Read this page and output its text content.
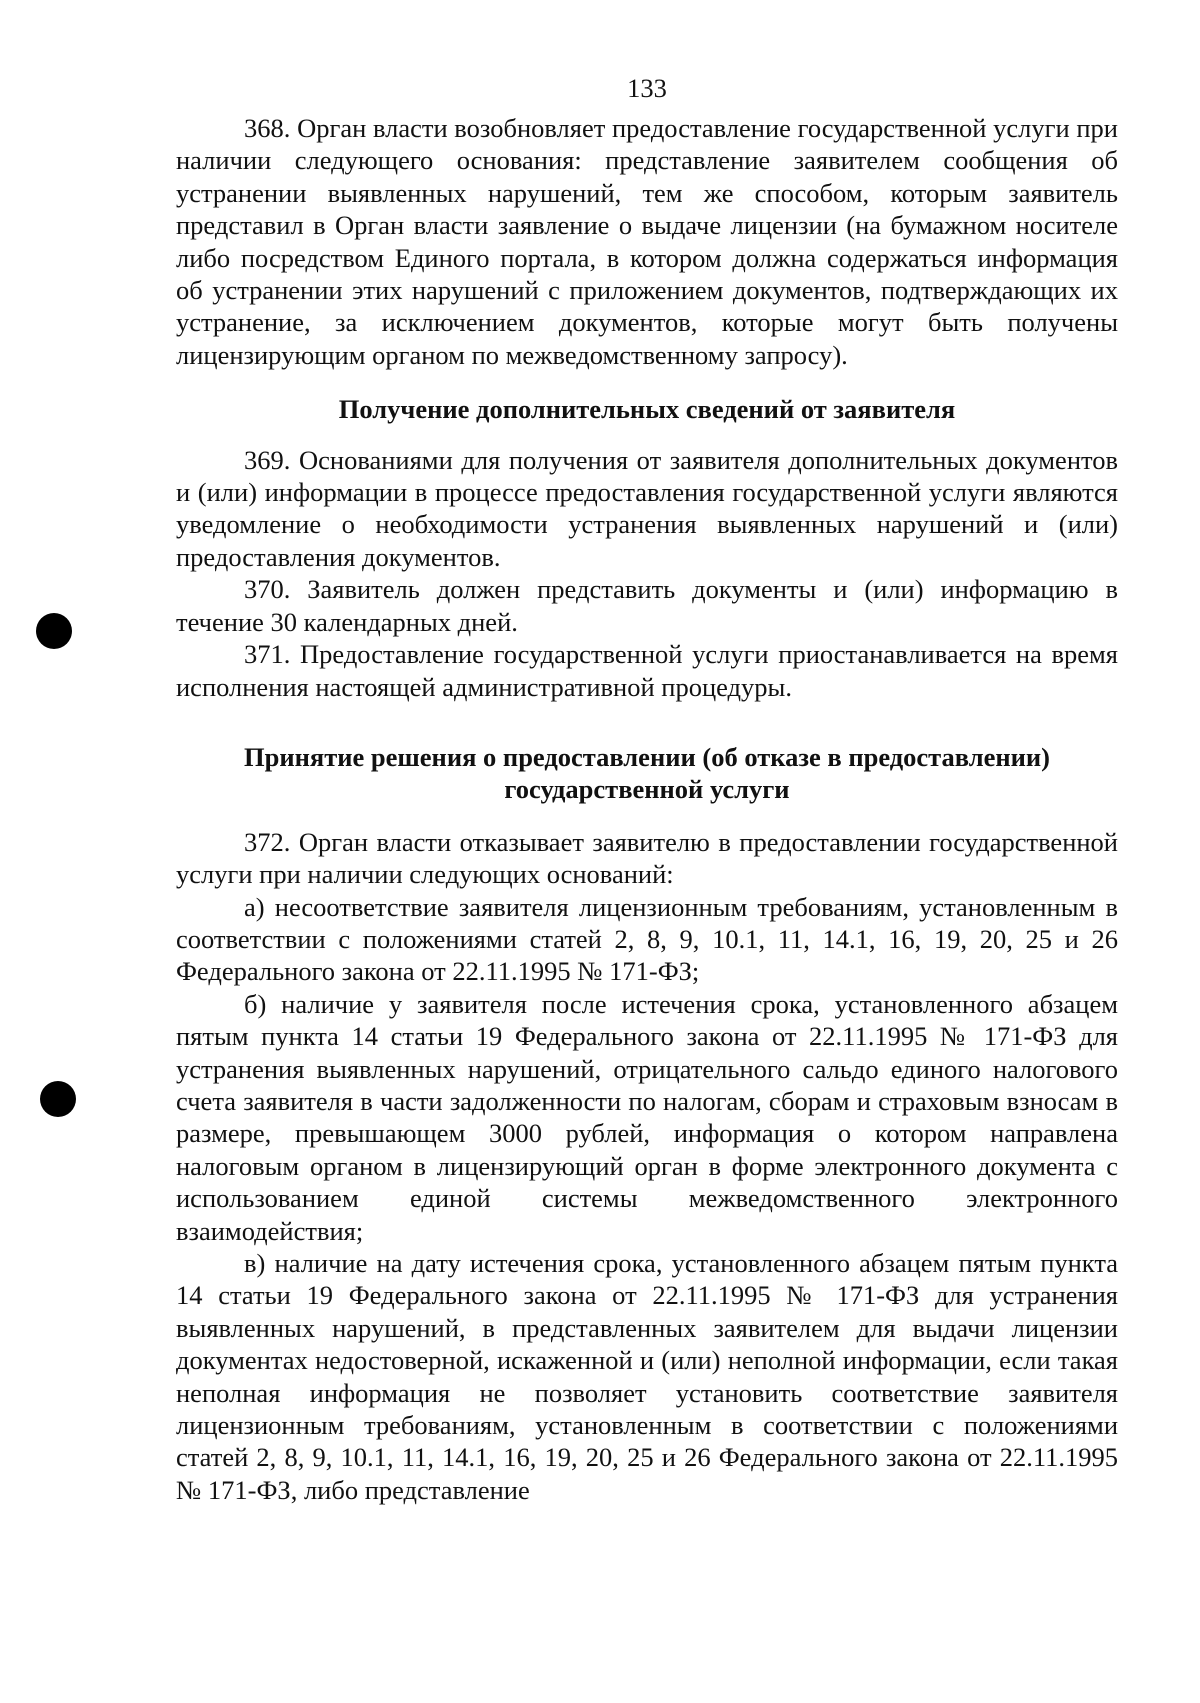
133

368. Орган власти возобновляет предоставление государственной услуги при наличии следующего основания: представление заявителем сообщения об устранении выявленных нарушений, тем же способом, которым заявитель представил в Орган власти заявление о выдаче лицензии (на бумажном носителе либо посредством Единого портала, в котором должна содержаться информация об устранении этих нарушений с приложением документов, подтверждающих их устранение, за исключением документов, которые могут быть получены лицензирующим органом по межведомственному запросу).

Получение дополнительных сведений от заявителя

369. Основаниями для получения от заявителя дополнительных документов и (или) информации в процессе предоставления государственной услуги являются уведомление о необходимости устранения выявленных нарушений и (или) предоставления документов.

370. Заявитель должен представить документы и (или) информацию в течение 30 календарных дней.

371. Предоставление государственной услуги приостанавливается на время исполнения настоящей административной процедуры.

Принятие решения о предоставлении (об отказе в предоставлении) государственной услуги

372. Орган власти отказывает заявителю в предоставлении государственной услуги при наличии следующих оснований:

а) несоответствие заявителя лицензионным требованиям, установленным в соответствии с положениями статей 2, 8, 9, 10.1, 11, 14.1, 16, 19, 20, 25 и 26 Федерального закона от 22.11.1995 № 171-ФЗ;

б) наличие у заявителя после истечения срока, установленного абзацем пятым пункта 14 статьи 19 Федерального закона от 22.11.1995 № 171-ФЗ для устранения выявленных нарушений, отрицательного сальдо единого налогового счета заявителя в части задолженности по налогам, сборам и страховым взносам в размере, превышающем 3000 рублей, информация о котором направлена налоговым органом в лицензирующий орган в форме электронного документа с использованием единой системы межведомственного электронного взаимодействия;

в) наличие на дату истечения срока, установленного абзацем пятым пункта 14 статьи 19 Федерального закона от 22.11.1995 № 171-ФЗ для устранения выявленных нарушений, в представленных заявителем для выдачи лицензии документах недостоверной, искаженной и (или) неполной информации, если такая неполная информация не позволяет установить соответствие заявителя лицензионным требованиям, установленным в соответствии с положениями статей 2, 8, 9, 10.1, 11, 14.1, 16, 19, 20, 25 и 26 Федерального закона от 22.11.1995 № 171-ФЗ, либо представление
